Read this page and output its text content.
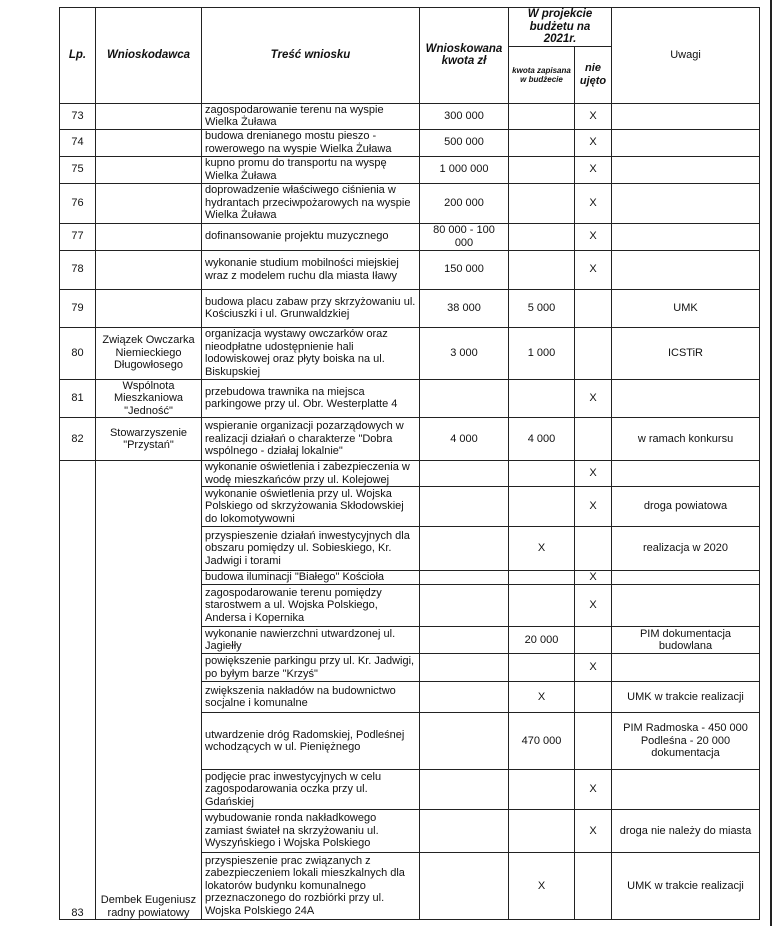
Lp.	Wnioskodawca	Treść wniosku	Wnioskowana kwota zł	W projekcie budżetu na 2021r.		Uwagi
				kwota zapisana w budżecie	nie ujęto	
73		zagospodarowanie terenu na wyspie Wielka Żuława	300 000		X	
74		budowa drenianego mostu pieszo - rowerowego na wyspie Wielka Żuława	500 000		X	
75		kupno promu do transportu na wyspę Wielka Żuława	1 000 000		X	
76		doprowadzenie właściwego ciśnienia w hydrantach przeciwpożarowych na wyspie Wielka Żuława	200 000		X	
77		dofinansowanie projektu muzycznego	80 000 - 100 000		X	
78		wykonanie studium mobilności miejskiej wraz z modelem ruchu dla miasta Iławy	150 000		X	
79		budowa placu zabaw przy skrzyżowaniu ul. Kościuszki i ul. Grunwaldzkiej	38 000	5 000		UMK
80	Związek Owczarka Niemieckiego Długowłosego	organizacja wystawy owczarków oraz nieodpłatne udostępnienie hali lodowiskowej oraz płyty boiska na ul. Biskupskiej	3 000	1 000		ICSTiR
81	Wspólnota Mieszkaniowa "Jedność"	przebudowa trawnika na miejsca parkingowe przy ul. Obr. Westerplatte 4			X	
82	Stowarzyszenie "Przystań"	wspieranie organizacji pozarządowych w realizacji działań o charakterze "Dobra wspólnego - działaj lokalnie"	4 000	4 000		w ramach konkursu
83	Dembek Eugeniusz radny powiatowy	wykonanie oświetlenia i zabezpieczenia w wodę mieszkańców przy ul. Kolejowej			X	
		wykonanie oświetlenia przy ul. Wojska Polskiego od skrzyżowania Skłodowskiej do lokomotywowni			X	droga powiatowa
		przyspieszenie działań inwestycyjnych dla obszaru pomiędzy ul. Sobieskiego, Kr. Jadwigi i torami		X		realizacja w 2020
		budowa iluminacji "Białego" Kościoła			X	
		zagospodarowanie terenu pomiędzy starostwem a ul. Wojska Polskiego, Andersa i Kopernika			X	
		wykonanie nawierzchni utwardzonej ul. Jagiełły		20 000		PIM dokumentacja budowlana
		powiększenie parkingu przy ul. Kr. Jadwigi, po byłym barze "Krzyś"			X	
		zwiększenia nakładów na budownictwo socjalne i komunalne		X		UMK w trakcie realizacji
		utwardzenie dróg Radomskiej, Podleśnej wchodzących w ul. Pieniężnego		470 000		PIM Radmoska - 450 000 Podleśna - 20 000 dokumentacja
		podjęcie prac inwestycyjnych w celu zagospodarowania oczka przy ul. Gdańskiej			X	
		wybudowanie ronda nakładkowego zamiast świateł na skrzyżowaniu ul. Wyszyńskiego i Wojska Polskiego			X	droga nie należy do miasta
		przyspieszenie prac związanych z zabezpieczeniem lokali mieszkalnych dla lokatorów budynku komunalnego przeznaczonego do rozbiórki przy ul. Wojska Polskiego 24A		X		UMK w trakcie realizacji
